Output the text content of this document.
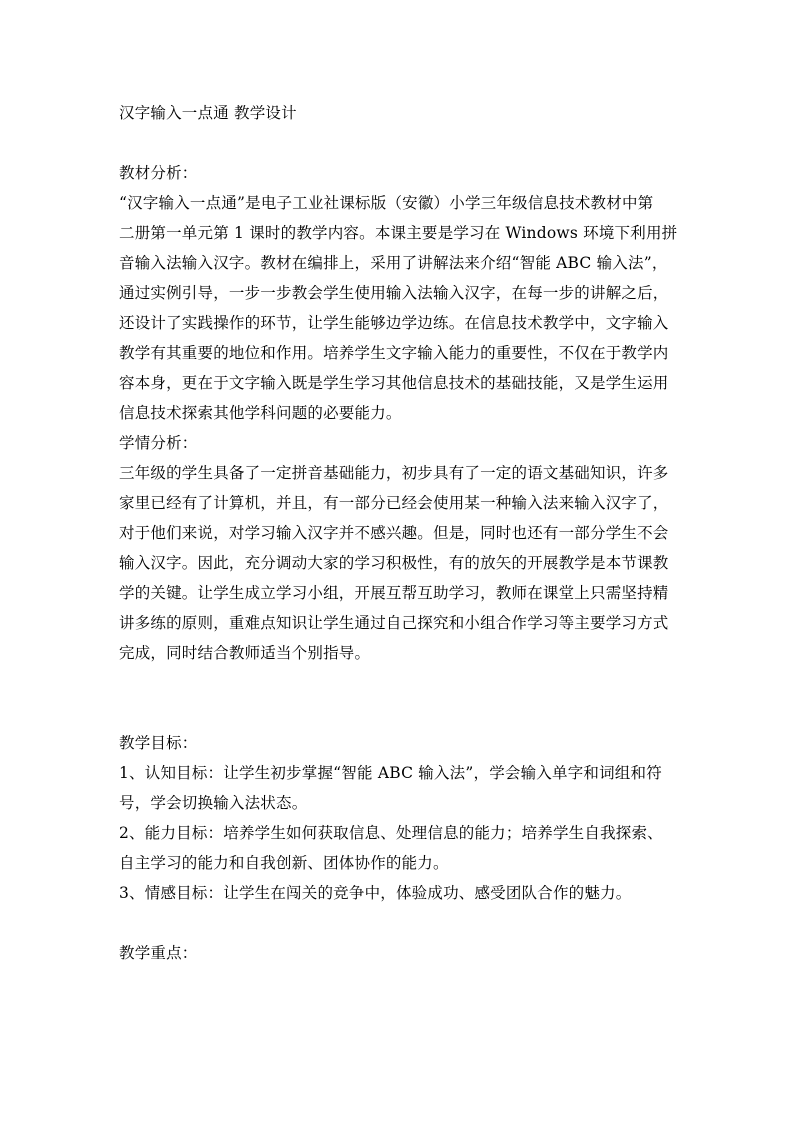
汉字输入一点通 教学设计
教材分析：
“汉字输入一点通”是电子工业社课标版（安徽）小学三年级信息技术教材中第
二册第一单元第 1 课时的教学内容。本课主要是学习在 Windows 环境下利用拼
音输入法输入汉字。教材在编排上，采用了讲解法来介绍“智能 ABC 输入法”，
通过实例引导，一步一步教会学生使用输入法输入汉字，在每一步的讲解之后，
还设计了实践操作的环节，让学生能够边学边练。在信息技术教学中，文字输入
教学有其重要的地位和作用。培养学生文字输入能力的重要性，不仅在于教学内
容本身，更在于文字输入既是学生学习其他信息技术的基础技能，又是学生运用
信息技术探索其他学科问题的必要能力。
学情分析：
三年级的学生具备了一定拼音基础能力，初步具有了一定的语文基础知识，许多
家里已经有了计算机，并且，有一部分已经会使用某一种输入法来输入汉字了，
对于他们来说，对学习输入汉字并不感兴趣。但是，同时也还有一部分学生不会
输入汉字。因此，充分调动大家的学习积极性，有的放矢的开展教学是本节课教
学的关键。让学生成立学习小组，开展互帮互助学习，教师在课堂上只需坚持精
讲多练的原则，重难点知识让学生通过自己探究和小组合作学习等主要学习方式
完成，同时结合教师适当个别指导。
教学目标：
1、认知目标：让学生初步掌握“智能 ABC 输入法”，学会输入单字和词组和符
号，学会切换输入法状态。
2、能力目标：培养学生如何获取信息、处理信息的能力；培养学生自我探索、
自主学习的能力和自我创新、团体协作的能力。
3、情感目标：让学生在闯关的竞争中，体验成功、感受团队合作的魅力。
教学重点：
